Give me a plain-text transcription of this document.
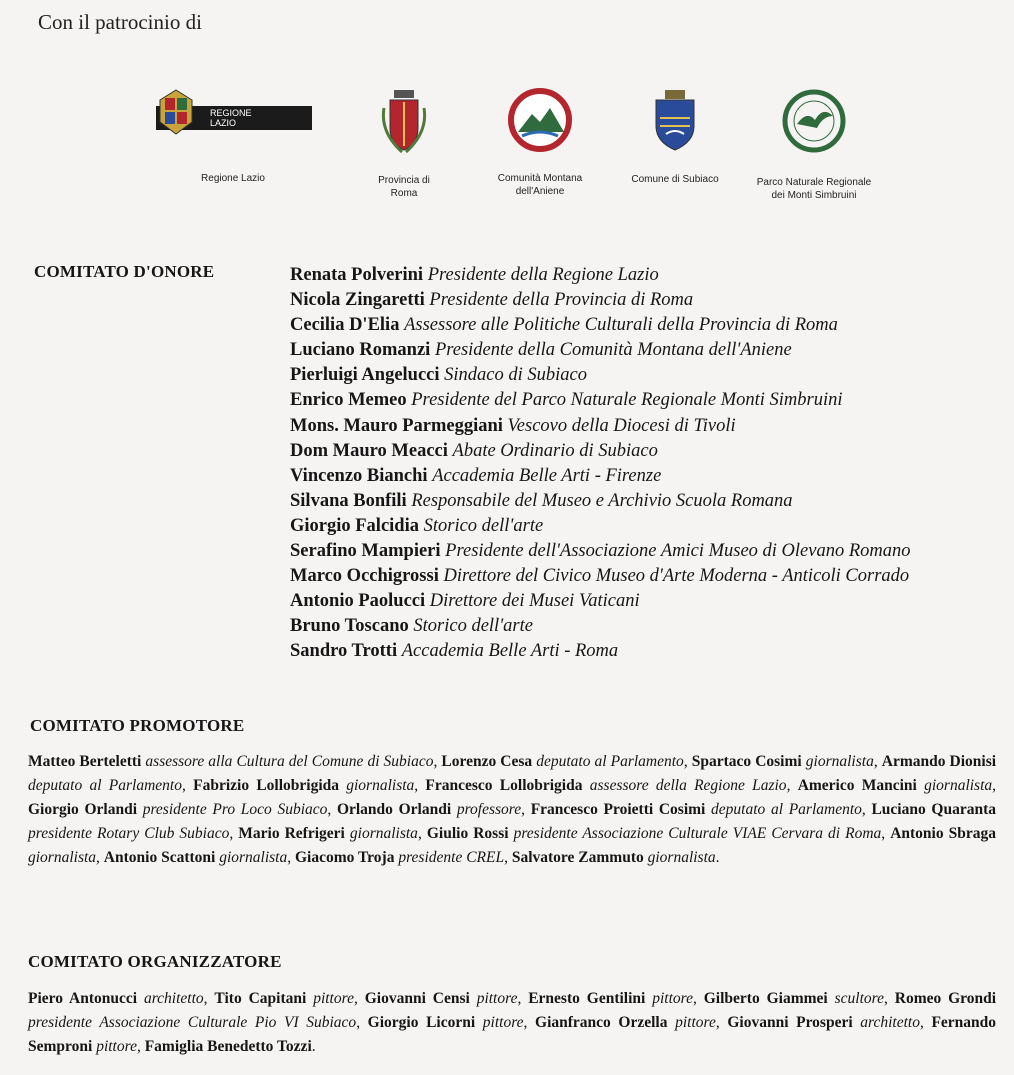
Con il patrocinio di
REGIONE
LAZIO
Regione Lazio	Provincia di
Roma
Comunità Montana
dell'Aniene
Comune di Subiaco	Parco Naturale Regionale
dei Monti Simbruini
COMITATO D'ONORE	Renata Polverini Presidente della Regione Lazio
Nicola Zingaretti Presidente della Provincia di Roma
Cecilia D'Elia Assessore alle Politiche Culturali della Provincia di Roma
Luciano Romanzi Presidente della Comunità Montana dell'Aniene
Pierluigi Angelucci Sindaco di Subiaco
Enrico Memeo Presidente del Parco Naturale Regionale Monti Simbruini
Mons. Mauro Parmeggiani Vescovo della Diocesi di Tivoli
Dom Mauro Meacci Abate Ordinario di Subiaco
Vincenzo Bianchi Accademia Belle Arti - Firenze
Silvana Bonfili Responsabile del Museo e Archivio Scuola Romana
Giorgio Falcidia Storico dell'arte
Serafino Mampieri Presidente dell'Associazione Amici Museo di Olevano Romano
Marco Occhigrossi Direttore del Civico Museo d'Arte Moderna - Anticoli Corrado
Antonio Paolucci Direttore dei Musei Vaticani
Bruno Toscano Storico dell'arte
Sandro Trotti Accademia Belle Arti - Roma
COMITATO PROMOTORE
Matteo Berteletti assessore alla Cultura del Comune di Subiaco, Lorenzo Cesa deputato al Parlamento, Spartaco Cosimi giornalista, Armando Dionisi deputato al Parlamento, Fabrizio Lollobrigida giornalista, Francesco Lollobrigida assessore della Regione Lazio, Americo Mancini giornalista, Giorgio Orlandi presidente Pro Loco Subiaco, Orlando Orlandi professore, Francesco Proietti Cosimi deputato al Parlamento, Luciano Quaranta presidente Rotary Club Subiaco, Mario Refrigeri giornalista, Giulio Rossi presidente Associazione Culturale VIAE Cervara di Roma, Antonio Sbraga giornalista, Antonio Scattoni giornalista, Giacomo Troja presidente CREL, Salvatore Zammuto giornalista.
COMITATO ORGANIZZATORE
Piero Antonucci architetto, Tito Capitani pittore, Giovanni Censi pittore, Ernesto Gentilini pittore, Gilberto Giammei scultore, Romeo Grondi presidente Associazione Culturale Pio VI Subiaco, Giorgio Licorni pittore, Gianfranco Orzella pittore, Giovanni Prosperi architetto, Fernando Semproni pittore, Famiglia Benedetto Tozzi.
